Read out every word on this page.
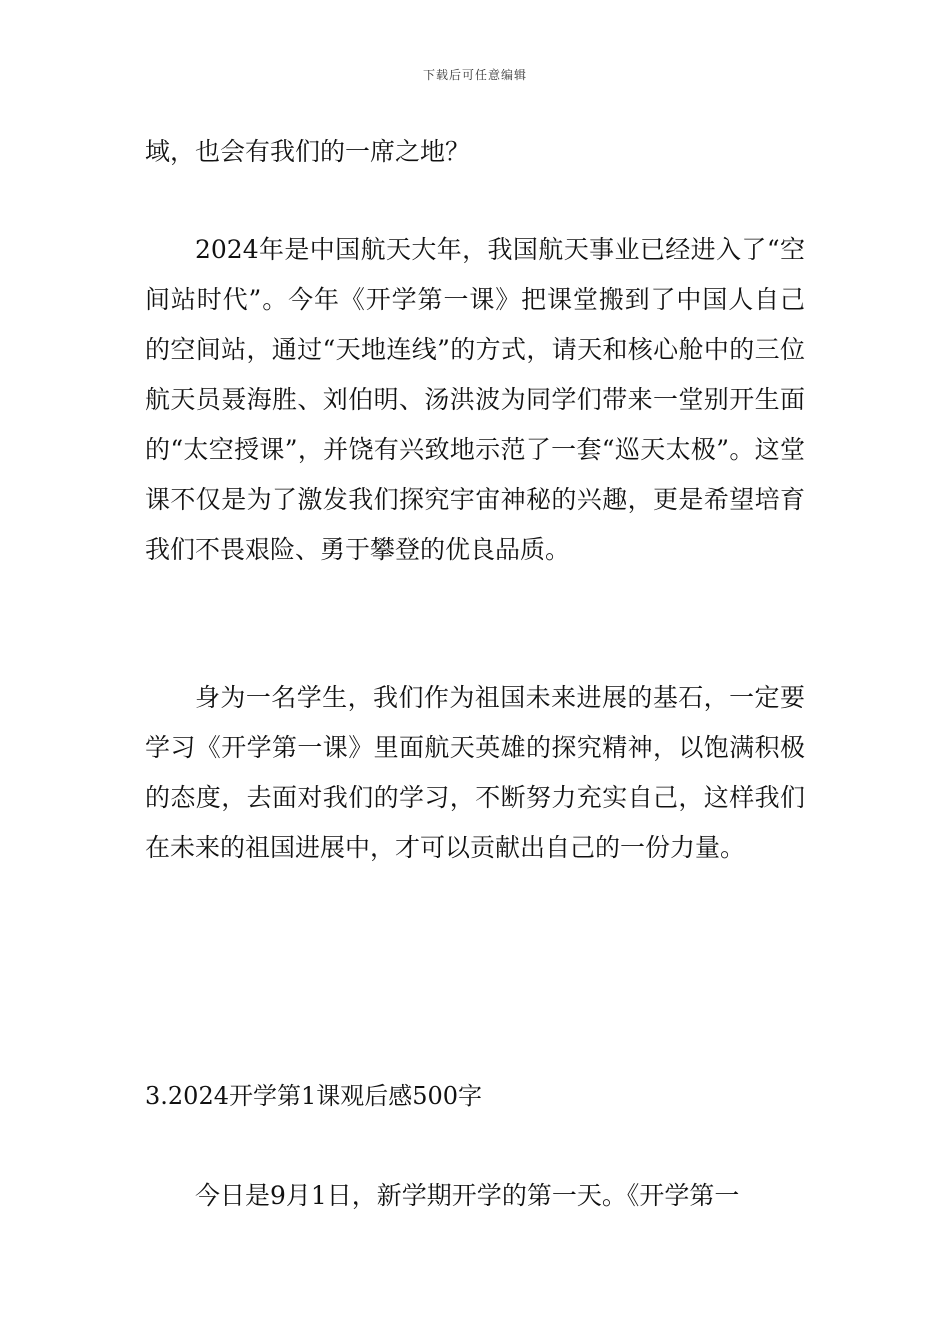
下载后可任意编辑

域，也会有我们的一席之地？

2024年是中国航天大年，我国航天事业已经进入了“空间站时代”。今年《开学第一课》把课堂搬到了中国人自己的空间站，通过“天地连线”的方式，请天和核心舱中的三位航天员聂海胜、刘伯明、汤洪波为同学们带来一堂别开生面的“太空授课”，并饶有兴致地示范了一套“巡天太极”。这堂课不仅是为了激发我们探究宇宙神秘的兴趣，更是希望培育我们不畏艰险、勇于攀登的优良品质。

身为一名学生，我们作为祖国未来进展的基石，一定要学习《开学第一课》里面航天英雄的探究精神，以饱满积极的态度，去面对我们的学习，不断努力充实自己，这样我们在未来的祖国进展中，才可以贡献出自己的一份力量。

3.2024开学第1课观后感500字

今日是9月1日，新学期开学的第一天。《开学第一
